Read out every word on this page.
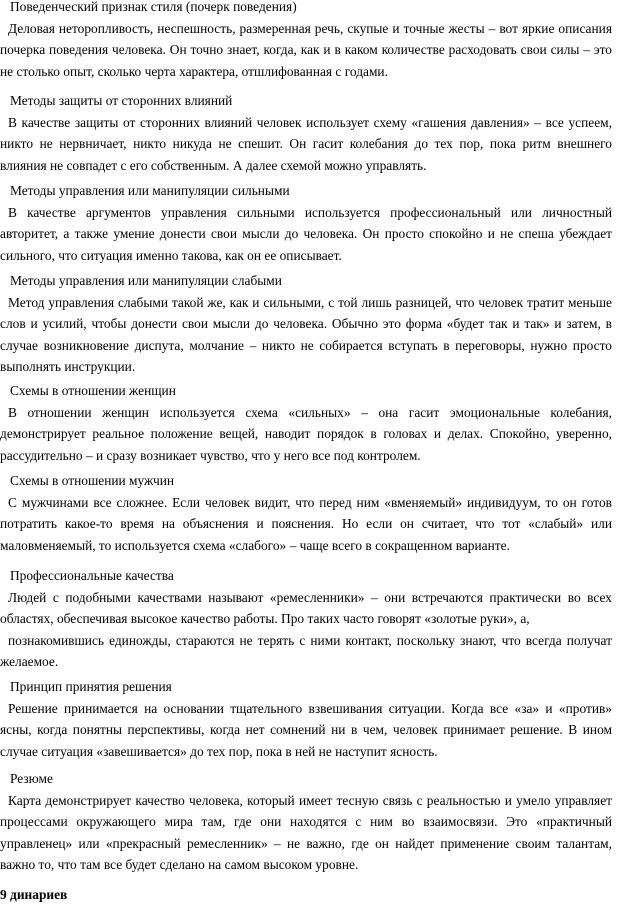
Поведенческий признак стиля (почерк поведения)

Деловая неторопливость, неспешность, размеренная речь, скупые и точные жесты – вот яркие описания почерка поведения человека. Он точно знает, когда, как и в каком количестве расходовать свои силы – это не столько опыт, сколько черта характера, отшлифованная с годами.

Методы защиты от сторонних влияний

В качестве защиты от сторонних влияний человек использует схему «гашения давления» – все успеем, никто не нервничает, никто никуда не спешит. Он гасит колебания до тех пор, пока ритм внешнего влияния не совпадет с его собственным. А далее схемой можно управлять.

Методы управления или манипуляции сильными

В качестве аргументов управления сильными используется профессиональный или личностный авторитет, а также умение донести свои мысли до человека. Он просто спокойно и не спеша убеждает сильного, что ситуация именно такова, как он ее описывает.

Методы управления или манипуляции слабыми

Метод управления слабыми такой же, как и сильными, с той лишь разницей, что человек тратит меньше слов и усилий, чтобы донести свои мысли до человека. Обычно это форма «будет так и так» и затем, в случае возникновение диспута, молчание – никто не собирается вступать в переговоры, нужно просто выполнять инструкции.

Схемы в отношении женщин

В отношении женщин используется схема «сильных» – она гасит эмоциональные колебания, демонстрирует реальное положение вещей, наводит порядок в головах и делах. Спокойно, уверенно, рассудительно – и сразу возникает чувство, что у него все под контролем.

Схемы в отношении мужчин

С мужчинами все сложнее. Если человек видит, что перед ним «вменяемый» индивидуум, то он готов потратить какое-то время на объяснения и пояснения. Но если он считает, что тот «слабый» или маловменяемый, то используется схема «слабого» – чаще всего в сокращенном варианте.

Профессиональные качества

Людей с подобными качествами называют «ремесленники» – они встречаются практически во всех областях, обеспечивая высокое качество работы. Про таких часто говорят «золотые руки», а,

познакомившись единожды, стараются не терять с ними контакт, поскольку знают, что всегда получат желаемое.

Принцип принятия решения

Решение принимается на основании тщательного взвешивания ситуации. Когда все «за» и «против» ясны, когда понятны перспективы, когда нет сомнений ни в чем, человек принимает решение. В ином случае ситуация «завешивается» до тех пор, пока в ней не наступит ясность.

Резюме

Карта демонстрирует качество человека, который имеет тесную связь с реальностью и умело управляет процессами окружающего мира там, где они находятся с ним во взаимосвязи. Это «практичный управленец» или «прекрасный ремесленник» – не важно, где он найдет применение своим талантам, важно то, что там все будет сделано на самом высоком уровне.

9 динариев
